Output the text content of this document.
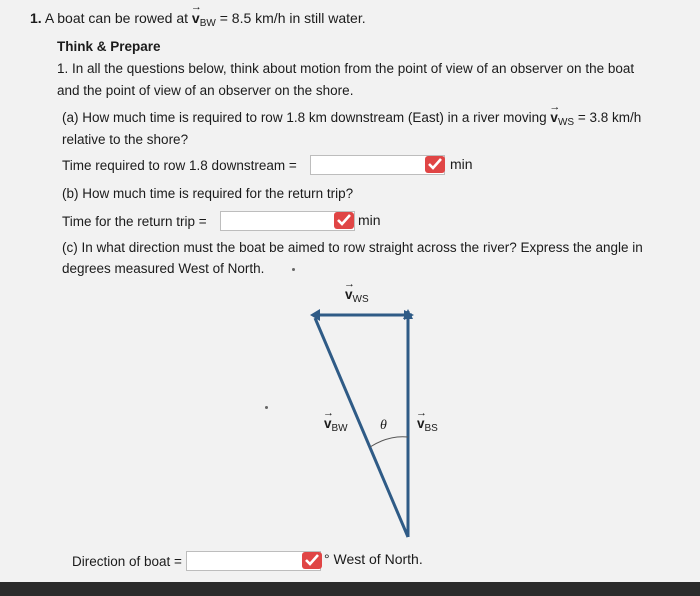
1. A boat can be rowed at → $v_{BW} = 8.5$ km/h in still water.
Think & Prepare
1. In all the questions below, think about motion from the point of view of an observer on the boat
and the point of view of an observer on the shore.
(a) How much time is required to row 1.8 km downstream (East) in a river moving → $v_{WS} = 3.8$ km/h
relative to the shore?
Time required to row 1.8 downstream =	min
(b) How much time is required for the return trip?
Time for the return trip =	min
(c) In what direction must the boat be aimed to row straight across the river? Express the angle in
degrees measured West of North.
→ $v_{WS}$
→ $v_{BW}$ θ
→ $v_{BS}$
Direction of boat =	° West of North.
